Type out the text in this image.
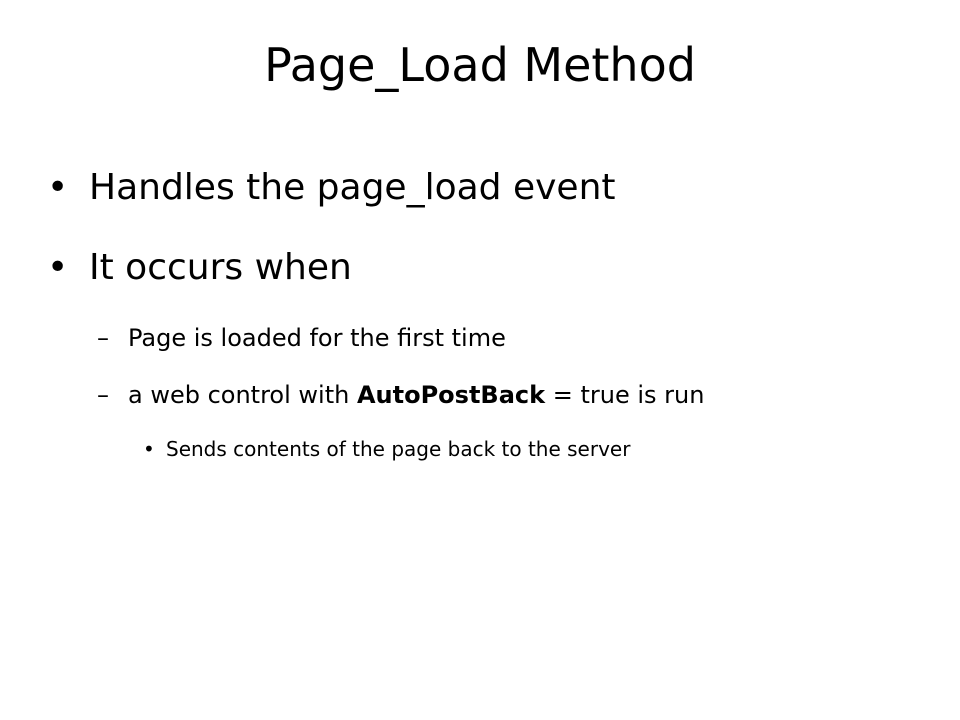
Page_Load Method
• Handles the page_load event
• It occurs when
– Page is loaded for the first time
– a web control with AutoPostBack = true is run
• Sends contents of the page back to the server
